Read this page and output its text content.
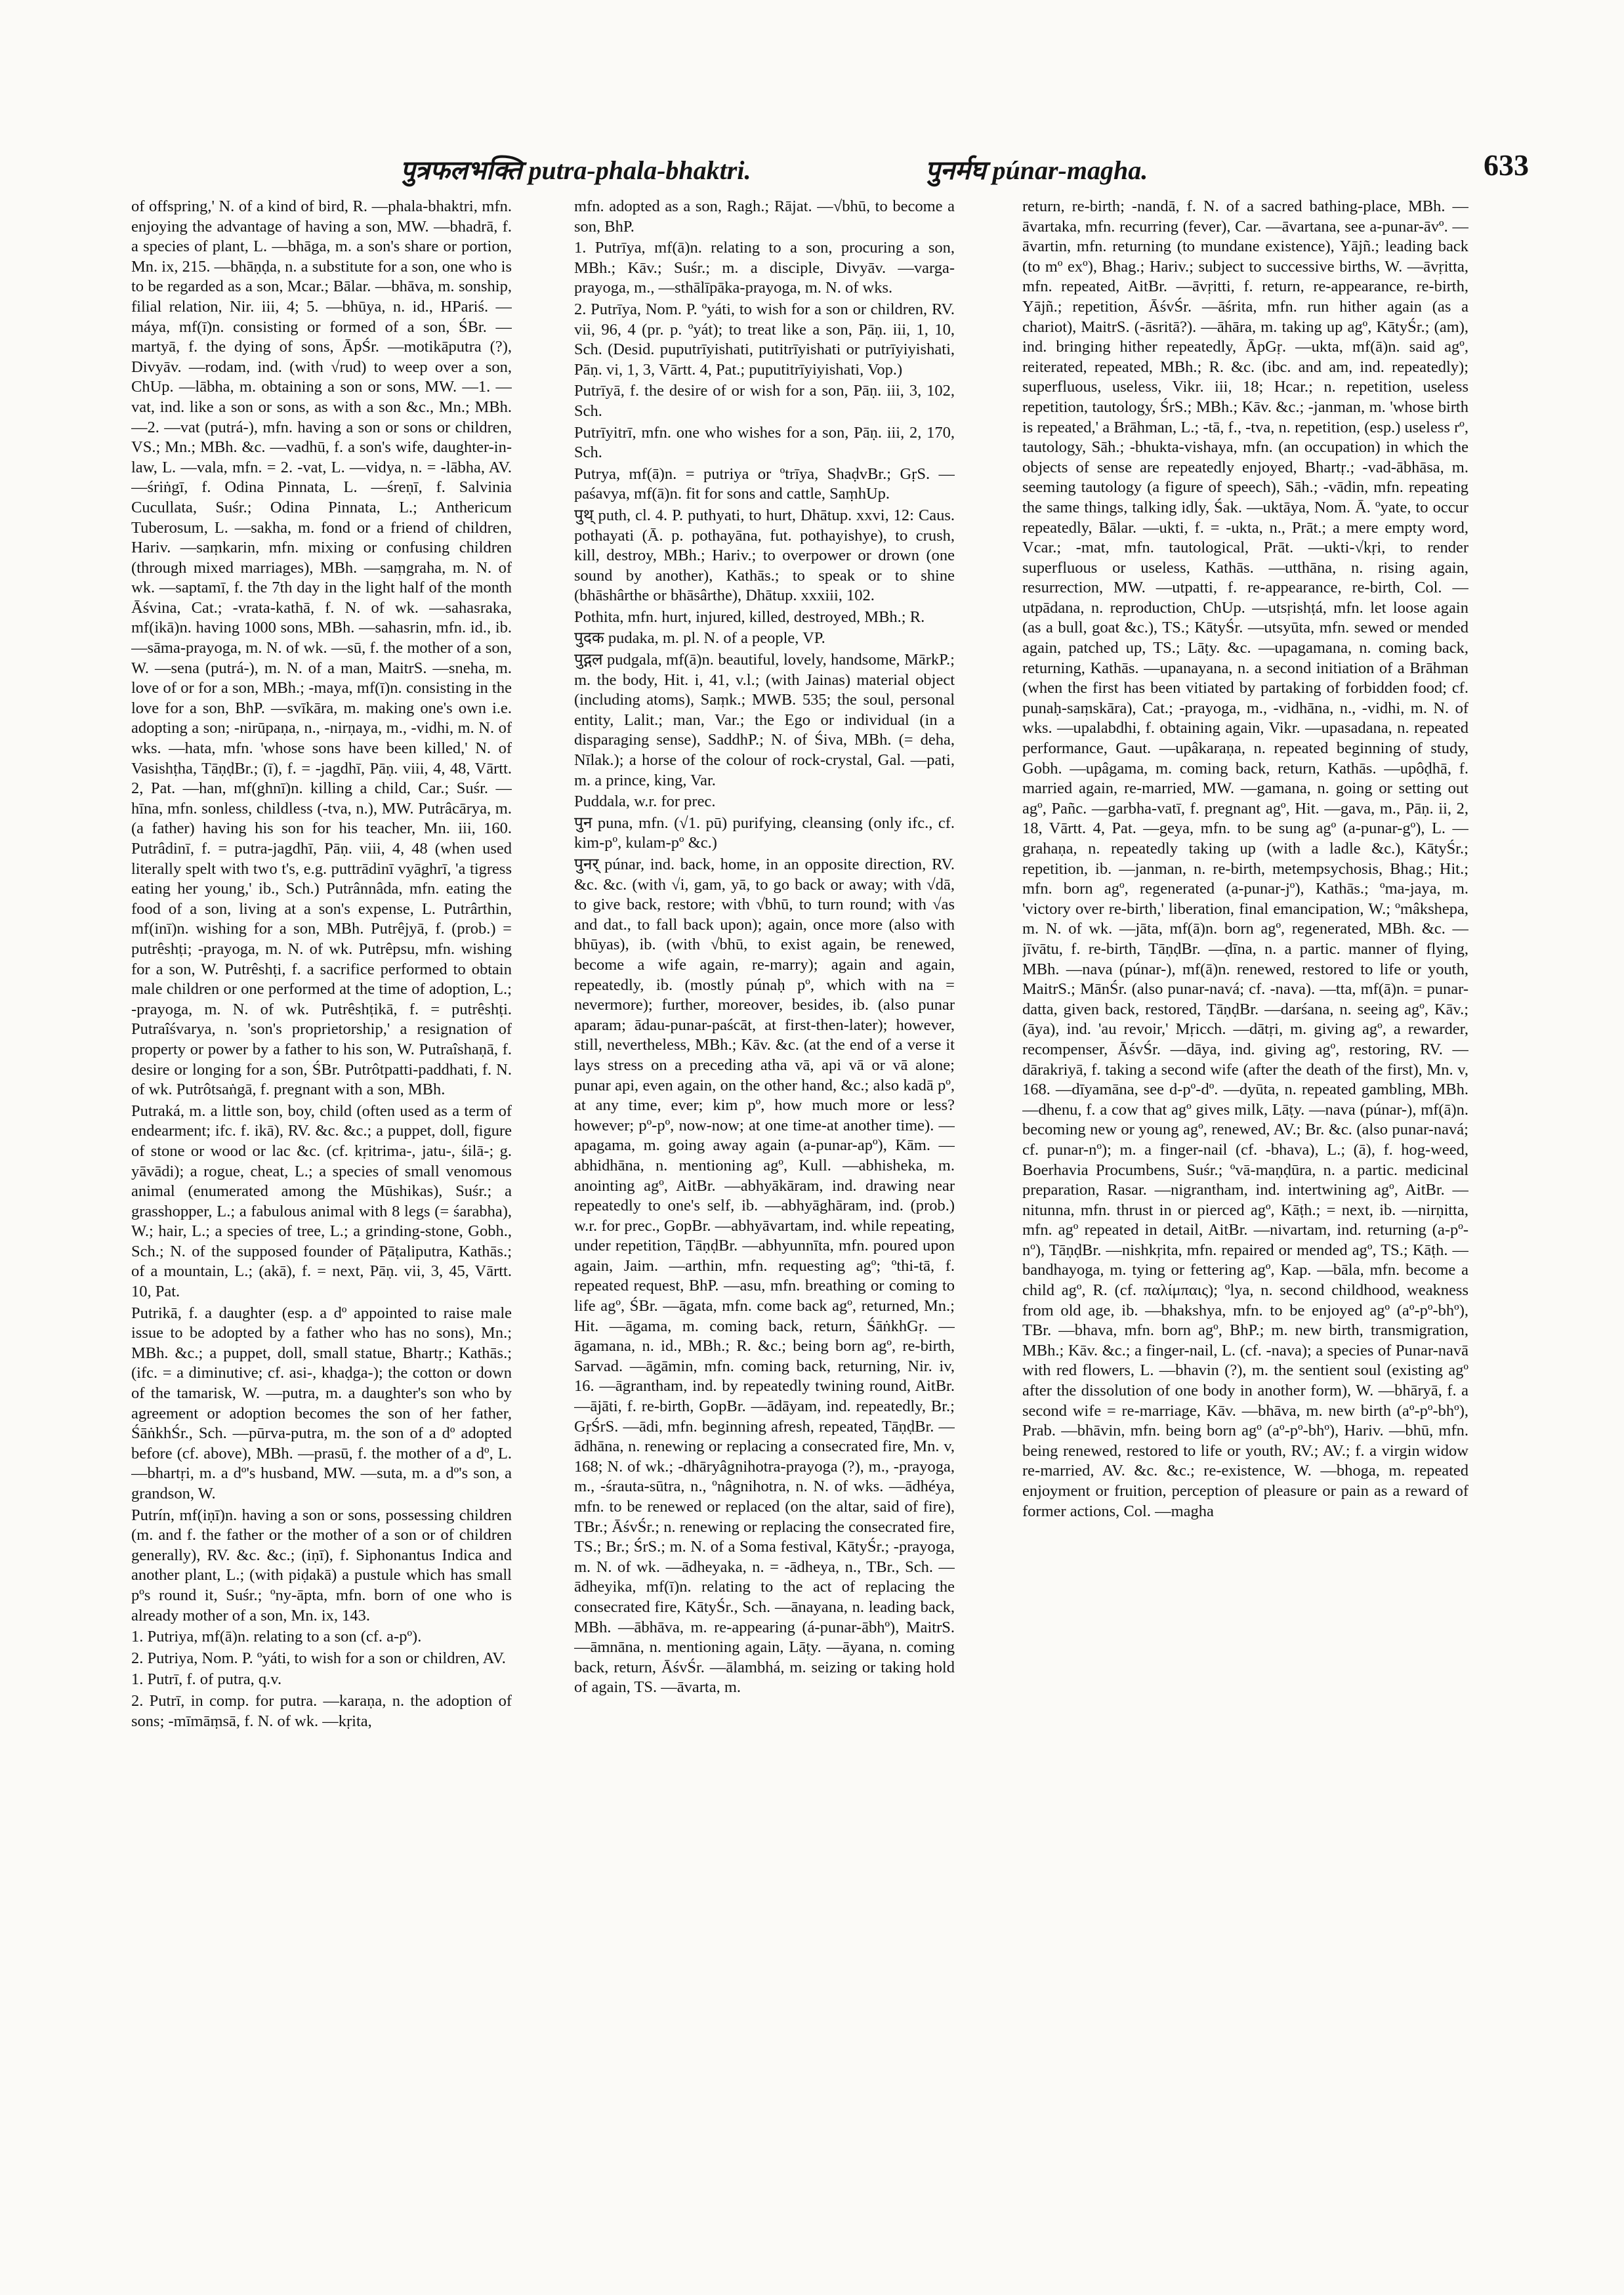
पुत्रफलभक्ति putra-phala-bhaktri.	पुनर्मघ púnar-magha.	633

of offspring,' N. of a kind of bird, R. —phala-bhaktri, mfn. enjoying the advantage of having a son, MW. —bhadrā, f. a species of plant, L. —bhāga, m. a son's share or portion, Mn. ix, 215. —bhāṇḍa, n. a substitute for a son, one who is to be regarded as a son, Mcar.; Bālar. —bhāva, m. sonship, filial relation, Nir. iii, 4; 5. —bhūya, n. id., HPariś. —máya, mf(ī)n. consisting or formed of a son, ŚBr. —martyā, f. the dying of sons, ĀpŚr. —motikāputra (?), Divyāv. —rodam, ind. (with √rud) to weep over a son, ChUp. —lābha, m. obtaining a son or sons, MW. —1. —vat, ind. like a son or sons, as with a son &c., Mn.; MBh. —2. —vat (putrá-), mfn. having a son or sons or children, VS.; Mn.; MBh. &c. —vadhū, f. a son's wife, daughter-in-law, L. —vala, mfn. = 2. -vat, L. —vidya, n. = -lābha, AV. —śriṅgī, f. Odina Pinnata, L. —śreṇī, f. Salvinia Cucullata, Suśr.; Odina Pinnata, L.; Anthericum Tuberosum, L. —sakha, m. fond or a friend of children, Hariv. —saṃkarin, mfn. mixing or confusing children (through mixed marriages), MBh. —saṃgraha, m. N. of wk. —saptamī, f. the 7th day in the light half of the month Āśvina, Cat.; -vrata-kathā, f. N. of wk. —sahasraka, mf(ikā)n. having 1000 sons, MBh. —sahasrin, mfn. id., ib. —sāma-prayoga, m. N. of wk. —sū, f. the mother of a son, W. —sena (putrá-), m. N. of a man, MaitrS. —sneha, m. love of or for a son, MBh.; -maya, mf(ī)n. consisting in the love for a son, BhP. —svīkāra, m. making one's own i.e. adopting a son; -nirūpaṇa, n., -nirṇaya, m., -vidhi, m. N. of wks. —hata, mfn. 'whose sons have been killed,' N. of Vasishṭha, TāṇḍBr.; (ī), f. = -jagdhī, Pāṇ. viii, 4, 48, Vārtt. 2, Pat. —han, mf(ghnī)n. killing a child, Car.; Suśr. —hīna, mfn. sonless, childless (-tva, n.), MW. Putrâcārya, m. (a father) having his son for his teacher, Mn. iii, 160. Putrâdinī, f. = putra-jagdhī, Pāṇ. viii, 4, 48 (when used literally spelt with two t's, e.g. puttrādinī vyāghrī, 'a tigress eating her young,' ib., Sch.) Putrânnâda, mfn. eating the food of a son, living at a son's expense, L. Putrârthin, mf(inī)n. wishing for a son, MBh. Putrêjyā, f. (prob.) = putrêshṭi; -prayoga, m. N. of wk. Putrêpsu, mfn. wishing for a son, W. Putrêshṭi, f. a sacrifice performed to obtain male children or one performed at the time of adoption, L.; -prayoga, m. N. of wk. Putrêshṭikā, f. = putrêshṭi. Putraîśvarya, n. 'son's proprietorship,' a resignation of property or power by a father to his son, W. Putraîshaṇā, f. desire or longing for a son, ŚBr. Putrôtpatti-paddhati, f. N. of wk. Putrôtsaṅgā, f. pregnant with a son, MBh.

Putraká, m. a little son, boy, child (often used as a term of endearment; ifc. f. ikā), RV. &c. &c.; a puppet, doll, figure of stone or wood or lac &c. (cf. kṛitrima-, jatu-, śilā-; g. yāvādi); a rogue, cheat, L.; a species of small venomous animal (enumerated among the Mūshikas), Suśr.; a grasshopper, L.; a fabulous animal with 8 legs (= śarabha), W.; hair, L.; a species of tree, L.; a grinding-stone, Gobh., Sch.; N. of the supposed founder of Pāṭaliputra, Kathās.; of a mountain, L.; (akā), f. = next, Pāṇ. vii, 3, 45, Vārtt. 10, Pat.

Putrikā, f. a daughter (esp. a dº appointed to raise male issue to be adopted by a father who has no sons), Mn.; MBh. &c.; a puppet, doll, small statue, Bhartṛ.; Kathās.; (ifc. = a diminutive; cf. asi-, khaḍga-); the cotton or down of the tamarisk, W. —putra, m. a daughter's son who by agreement or adoption becomes the son of her father, ŚāṅkhŚr., Sch. —pūrva-putra, m. the son of a dº adopted before (cf. above), MBh. —prasū, f. the mother of a dº, L. —bhartṛi, m. a dº's husband, MW. —suta, m. a dº's son, a grandson, W.

Putrín, mf(iṇī)n. having a son or sons, possessing children (m. and f. the father or the mother of a son or of children generally), RV. &c. &c.; (iṇī), f. Siphonantus Indica and another plant, L.; (with piḍakā) a pustule which has small pºs round it, Suśr.; ºny-āpta, mfn. born of one who is already mother of a son, Mn. ix, 143.

1. Putriya, mf(ā)n. relating to a son (cf. a-pº).

2. Putriya, Nom. P. ºyáti, to wish for a son or children, AV.

1. Putrī, f. of putra, q.v.

2. Putrī, in comp. for putra. —karaṇa, n. the adoption of sons; -mīmāṃsā, f. N. of wk. —kṛita,

mfn. adopted as a son, Ragh.; Rājat. —√bhū, to become a son, BhP.

1. Putrīya, mf(ā)n. relating to a son, procuring a son, MBh.; Kāv.; Suśr.; m. a disciple, Divyāv. —varga-prayoga, m., —sthālīpāka-prayoga, m. N. of wks.

2. Putrīya, Nom. P. ºyáti, to wish for a son or children, RV. vii, 96, 4 (pr. p. ºyát); to treat like a son, Pāṇ. iii, 1, 10, Sch. (Desid. puputrīyishati, putitrīyishati or putrīyiyishati, Pāṇ. vi, 1, 3, Vārtt. 4, Pat.; puputitrīyiyishati, Vop.)

Putrīyā, f. the desire of or wish for a son, Pāṇ. iii, 3, 102, Sch.

Putrīyitrī, mfn. one who wishes for a son, Pāṇ. iii, 2, 170, Sch.

Putrya, mf(ā)n. = putriya or ºtrīya, ShaḍvBr.; GṛS. —paśavya, mf(ā)n. fit for sons and cattle, SaṃhUp.

पुथ् puth, cl. 4. P. puthyati, to hurt, Dhātup. xxvi, 12: Caus. pothayati (Ā. p. pothayāna, fut. pothayishye), to crush, kill, destroy, MBh.; Hariv.; to overpower or drown (one sound by another), Kathās.; to speak or to shine (bhāshârthe or bhāsârthe), Dhātup. xxxiii, 102.

Pothita, mfn. hurt, injured, killed, destroyed, MBh.; R.

पुदक pudaka, m. pl. N. of a people, VP.

पुद्गल pudgala, mf(ā)n. beautiful, lovely, handsome, MārkP.; m. the body, Hit. i, 41, v.l.; (with Jainas) material object (including atoms), Saṃk.; MWB. 535; the soul, personal entity, Lalit.; man, Var.; the Ego or individual (in a disparaging sense), SaddhP.; N. of Śiva, MBh. (= deha, Nīlak.); a horse of the colour of rock-crystal, Gal. —pati, m. a prince, king, Var.

Puddala, w.r. for prec.

पुन puna, mfn. (√1. pū) purifying, cleansing (only ifc., cf. kim-pº, kulam-pº &c.)

पुनर् púnar, ind. back, home, in an opposite direction, RV. &c. &c. (with √i, gam, yā, to go back or away; with √dā, to give back, restore; with √bhū, to turn round; with √as and dat., to fall back upon); again, once more (also with bhūyas), ib. (with √bhū, to exist again, be renewed, become a wife again, re-marry); again and again, repeatedly, ib. (mostly púnaḥ pº, which with na = nevermore); further, moreover, besides, ib. (also punar aparam; ādau-punar-paścāt, at first-then-later); however, still, nevertheless, MBh.; Kāv. &c. (at the end of a verse it lays stress on a preceding atha vā, api vā or vā alone; punar api, even again, on the other hand, &c.; also kadā pº, at any time, ever; kim pº, how much more or less? however; pº-pº, now-now; at one time-at another time). —apagama, m. going away again (a-punar-apº), Kām. —abhidhāna, n. mentioning agº, Kull. —abhisheka, m. anointing agº, AitBr. —abhyākāram, ind. drawing near repeatedly to one's self, ib. —abhyāghāram, ind. (prob.) w.r. for prec., GopBr. —abhyāvartam, ind. while repeating, under repetition, TāṇḍBr. —abhyunnīta, mfn. poured upon again, Jaim. —arthin, mfn. requesting agº; ºthi-tā, f. repeated request, BhP. —asu, mfn. breathing or coming to life agº, ŚBr. —āgata, mfn. come back agº, returned, Mn.; Hit. —āgama, m. coming back, return, ŚāṅkhGṛ. —āgamana, n. id., MBh.; R. &c.; being born agº, re-birth, Sarvad. —āgāmin, mfn. coming back, returning, Nir. iv, 16. —āgrantham, ind. by repeatedly twining round, AitBr. —ājāti, f. re-birth, GopBr. —ādāyam, ind. repeatedly, Br.; GṛŚrS. —ādi, mfn. beginning afresh, repeated, TāṇḍBr. —ādhāna, n. renewing or replacing a consecrated fire, Mn. v, 168; N. of wk.; -dhāryâgnihotra-prayoga (?), m., -prayoga, m., -śrauta-sūtra, n., ºnâgnihotra, n. N. of wks. —ādhéya, mfn. to be renewed or replaced (on the altar, said of fire), TBr.; ĀśvŚr.; n. renewing or replacing the consecrated fire, TS.; Br.; ŚrS.; m. N. of a Soma festival, KātyŚr.; -prayoga, m. N. of wk. —ādheyaka, n. = -ādheya, n., TBr., Sch. —ādheyika, mf(ī)n. relating to the act of replacing the consecrated fire, KātyŚr., Sch. —ānayana, n. leading back, MBh. —ābhāva, m. re-appearing (á-punar-ābhº), MaitrS. —āmnāna, n. mentioning again, Lāṭy. —āyana, n. coming back, return, ĀśvŚr. —ālambhá, m. seizing or taking hold of again, TS. —āvarta, m.

return, re-birth; -nandā, f. N. of a sacred bathing-place, MBh. —āvartaka, mfn. recurring (fever), Car. —āvartana, see a-punar-āvº. —āvartin, mfn. returning (to mundane existence), Yājñ.; leading back (to mº exº), Bhag.; Hariv.; subject to successive births, W. —āvṛitta, mfn. repeated, AitBr. —āvṛitti, f. return, re-appearance, re-birth, Yājñ.; repetition, ĀśvŚr. —āśrita, mfn. run hither again (as a chariot), MaitrS. (-āsritā?). —āhāra, m. taking up agº, KātyŚr.; (am), ind. bringing hither repeatedly, ĀpGṛ. —ukta, mf(ā)n. said agº, reiterated, repeated, MBh.; R. &c. (ibc. and am, ind. repeatedly); superfluous, useless, Vikr. iii, 18; Hcar.; n. repetition, useless repetition, tautology, ŚrS.; MBh.; Kāv. &c.; -janman, m. 'whose birth is repeated,' a Brāhman, L.; -tā, f., -tva, n. repetition, (esp.) useless rº, tautology, Sāh.; -bhukta-vishaya, mfn. (an occupation) in which the objects of sense are repeatedly enjoyed, Bhartṛ.; -vad-ābhāsa, m. seeming tautology (a figure of speech), Sāh.; -vādin, mfn. repeating the same things, talking idly, Śak. —uktāya, Nom. Ā. ºyate, to occur repeatedly, Bālar. —ukti, f. = -ukta, n., Prāt.; a mere empty word, Vcar.; -mat, mfn. tautological, Prāt. —ukti-√kṛi, to render superfluous or useless, Kathās. —utthāna, n. rising again, resurrection, MW. —utpatti, f. re-appearance, re-birth, Col. —utpādana, n. reproduction, ChUp. —utsṛishṭá, mfn. let loose again (as a bull, goat &c.), TS.; KātyŚr. —utsyūta, mfn. sewed or mended again, patched up, TS.; Lāṭy. &c. —upagamana, n. coming back, returning, Kathās. —upanayana, n. a second initiation of a Brāhman (when the first has been vitiated by partaking of forbidden food; cf. punaḥ-saṃskāra), Cat.; -prayoga, m., -vidhāna, n., -vidhi, m. N. of wks. —upalabdhi, f. obtaining again, Vikr. —upasadana, n. repeated performance, Gaut. —upâkaraṇa, n. repeated beginning of study, Gobh. —upâgama, m. coming back, return, Kathās. —upôḍhā, f. married again, re-married, MW. —gamana, n. going or setting out agº, Pañc. —garbha-vatī, f. pregnant agº, Hit. —gava, m., Pāṇ. ii, 2, 18, Vārtt. 4, Pat. —geya, mfn. to be sung agº (a-punar-gº), L. —grahaṇa, n. repeatedly taking up (with a ladle &c.), KātyŚr.; repetition, ib. —janman, n. re-birth, metempsychosis, Bhag.; Hit.; mfn. born agº, regenerated (a-punar-jº), Kathās.; ºma-jaya, m. 'victory over re-birth,' liberation, final emancipation, W.; ºmâkshepa, m. N. of wk. —jāta, mf(ā)n. born agº, regenerated, MBh. &c. —jīvātu, f. re-birth, TāṇḍBr. —ḍīna, n. a partic. manner of flying, MBh. —nava (púnar-), mf(ā)n. renewed, restored to life or youth, MaitrS.; MānŚr. (also punar-navá; cf. -nava). —tta, mf(ā)n. = punar-datta, given back, restored, TāṇḍBr. —darśana, n. seeing agº, Kāv.; (āya), ind. 'au revoir,' Mṛicch. —dātṛi, m. giving agº, a rewarder, recompenser, ĀśvŚr. —dāya, ind. giving agº, restoring, RV. —dārakriyā, f. taking a second wife (after the death of the first), Mn. v, 168. —dīyamāna, see d-pº-dº. —dyūta, n. repeated gambling, MBh. —dhenu, f. a cow that agº gives milk, Lāṭy. —nava (púnar-), mf(ā)n. becoming new or young agº, renewed, AV.; Br. &c. (also punar-navá; cf. punar-nº); m. a finger-nail (cf. -bhava), L.; (ā), f. hog-weed, Boerhavia Procumbens, Suśr.; ºvā-maṇḍūra, n. a partic. medicinal preparation, Rasar. —nigrantham, ind. intertwining agº, AitBr. —nitunna, mfn. thrust in or pierced agº, Kāṭh.; = next, ib. —nirṇitta, mfn. agº repeated in detail, AitBr. —nivartam, ind. returning (a-pº-nº), TāṇḍBr. —nishkṛita, mfn. repaired or mended agº, TS.; Kāṭh. —bandhayoga, m. tying or fettering agº, Kap. —bāla, mfn. become a child agº, R. (cf. παλίμπαις); ºlya, n. second childhood, weakness from old age, ib. —bhakshya, mfn. to be enjoyed agº (aº-pº-bhº), TBr. —bhava, mfn. born agº, BhP.; m. new birth, transmigration, MBh.; Kāv. &c.; a finger-nail, L. (cf. -nava); a species of Punar-navā with red flowers, L. —bhavin (?), m. the sentient soul (existing agº after the dissolution of one body in another form), W. —bhāryā, f. a second wife = re-marriage, Kāv. —bhāva, m. new birth (aº-pº-bhº), Prab. —bhāvin, mfn. being born agº (aº-pº-bhº), Hariv. —bhū, mfn. being renewed, restored to life or youth, RV.; AV.; f. a virgin widow re-married, AV. &c. &c.; re-existence, W. —bhoga, m. repeated enjoyment or fruition, perception of pleasure or pain as a reward of former actions, Col. —magha
